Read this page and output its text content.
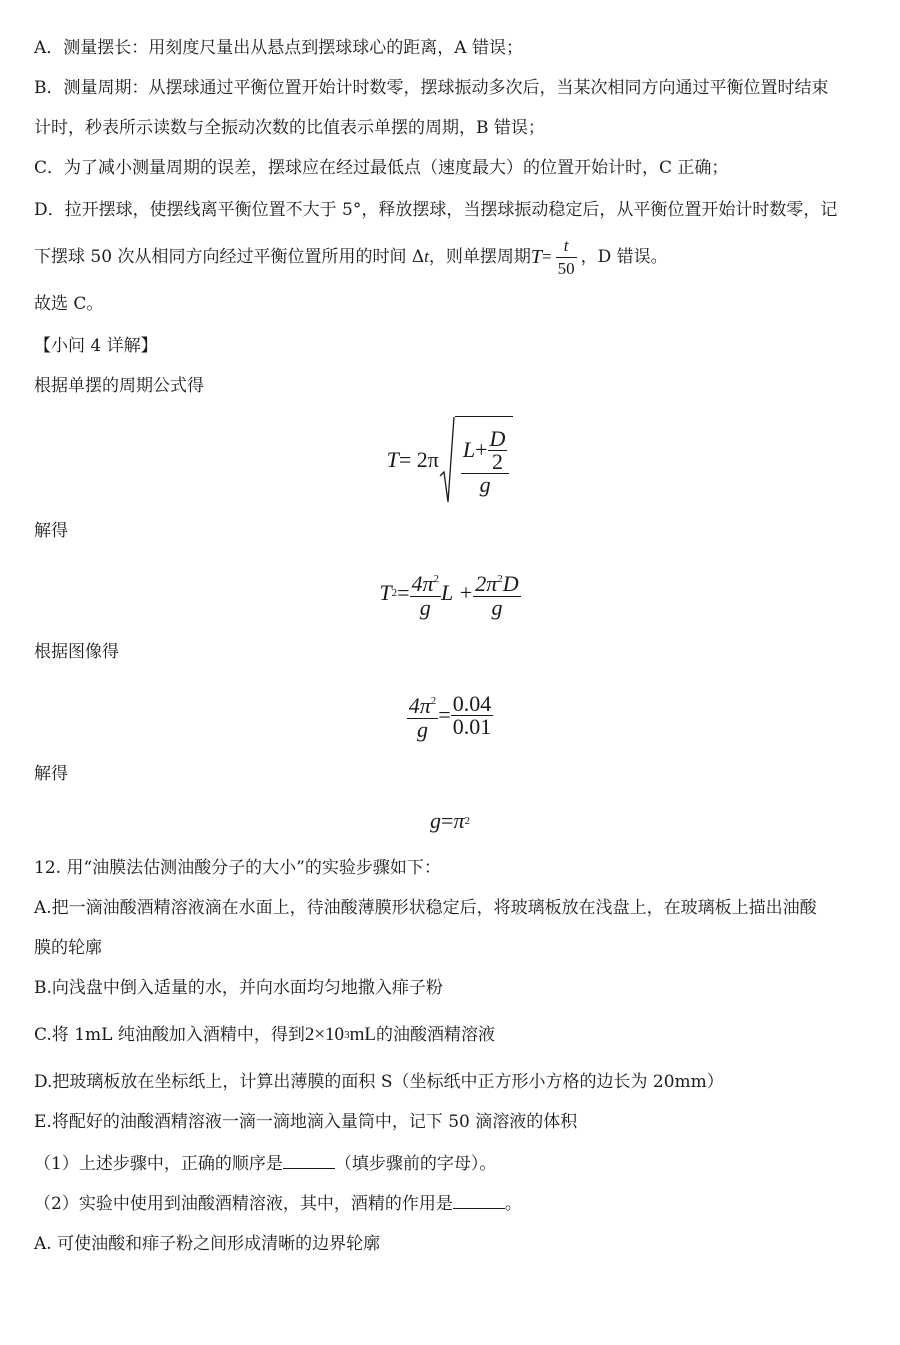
A．测量摆长：用刻度尺量出从悬点到摆球球心的距离，A 错误；
B．测量周期：从摆球通过平衡位置开始计时数零，摆球振动多次后，当某次相同方向通过平衡位置时结束
计时，秒表所示读数与全振动次数的比值表示单摆的周期，B 错误；
C．为了减小测量周期的误差，摆球应在经过最低点（速度最大）的位置开始计时，C 正确；
D．拉开摆球，使摆线离平衡位置不大于 5°，释放摆球，当摆球振动稳定后，从平衡位置开始计时数零，记
下摆球 50 次从相同方向经过平衡位置所用的时间 Δ t ，则单摆周期 $T = \frac{t}{50}$ ，D 错误。
故选 C。
【小问 4 详解】
根据单摆的周期公式得
T = 2π $L + \frac{D}{2}$
g
解得
T $2 = \frac{4\pi^2}{g}$ $L + \frac{2\pi^2D}{g}$
根据图像得
$\frac{4\pi^2}{g} = \frac{0.04}{0.01}$
解得
g = π 2
12. 用“油膜法估测油酸分子的大小”的实验步骤如下：
A.把一滴油酸酒精溶液滴在水面上，待油酸薄膜形状稳定后，将玻璃板放在浅盘上，在玻璃板上描出油酸
膜的轮廓
B.向浅盘中倒入适量的水，并向水面均匀地撒入痱子粉
C.将 1mL 纯油酸加入酒精中，得到 2×10 3 mL 的油酸酒精溶液
D.把玻璃板放在坐标纸上，计算出薄膜的面积 S（坐标纸中正方形小方格的边长为 20mm）
E.将配好的油酸酒精溶液一滴一滴地滴入量筒中，记下 50 滴溶液的体积
（1）上述步骤中，正确的顺序是	（填步骤前的字母）。
（2）实验中使用到油酸酒精溶液，其中，酒精的作用是	。
A. 可使油酸和痱子粉之间形成清晰的边界轮廓
